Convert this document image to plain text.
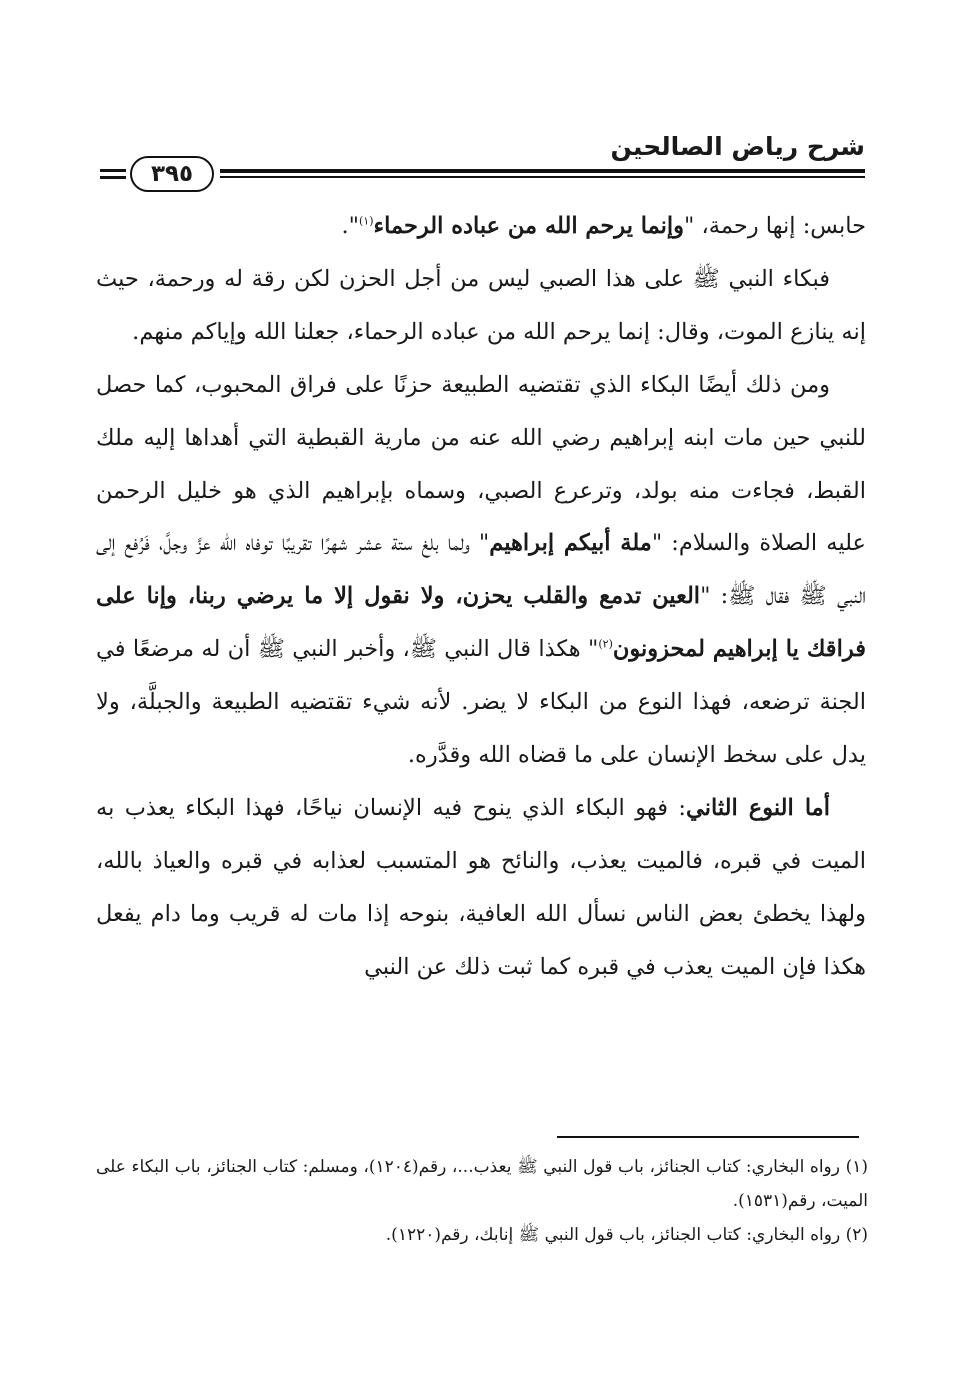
شرح رياض الصالحين
٣٩٥

حابس: إنها رحمة، "وإنما يرحم الله من عباده الرحماء$^{(١)}$".

فبكاء النبي ﷺ على هذا الصبي ليس من أجل الحزن لكن رقة له ورحمة، حيث إنه ينازع الموت، وقال: إنما يرحم الله من عباده الرحماء، جعلنا الله وإياكم منهم.

ومن ذلك أيضًا البكاء الذي تقتضيه الطبيعة حزنًا على فراق المحبوب، كما حصل للنبي حين مات ابنه إبراهيم رضي الله عنه من مارية القبطية التي أهداها إليه ملك القبط، فجاءت منه بولد، وترعرع الصبي، وسماه بإبراهيم الذي هو خليل الرحمن عليه الصلاة والسلام: "ملة أبيكم إبراهيم" ولما بلغ ستة عشر شهرًا تقريبًا توفاه الله عزَّ وجلَّ، فَرُفع إلى النبي ﷺ فقال ﷺ: "العين تدمع والقلب يحزن، ولا نقول إلا ما يرضي ربنا، وإنا على فراقك يا إبراهيم لمحزونون$^{(٢)}$" هكذا قال النبي ﷺ، وأخبر النبي ﷺ أن له مرضعًا في الجنة ترضعه، فهذا النوع من البكاء لا يضر. لأنه شيء تقتضيه الطبيعة والجبلَّة، ولا يدل على سخط الإنسان على ما قضاه الله وقدَّره.

أما النوع الثاني: فهو البكاء الذي ينوح فيه الإنسان نياحًا، فهذا البكاء يعذب به الميت في قبره، فالميت يعذب، والنائح هو المتسبب لعذابه في قبره والعياذ بالله، ولهذا يخطئ بعض الناس نسأل الله العافية، بنوحه إذا مات له قريب وما دام يفعل هكذا فإن الميت يعذب في قبره كما ثبت ذلك عن النبي

(١) رواه البخاري: كتاب الجنائز، باب قول النبي ﷺ يعذب...، رقم(١٢٠٤)، ومسلم: كتاب الجنائز، باب البكاء على الميت، رقم(١٥٣١).

(٢) رواه البخاري: كتاب الجنائز، باب قول النبي ﷺ إنابك، رقم(١٢٢٠).
